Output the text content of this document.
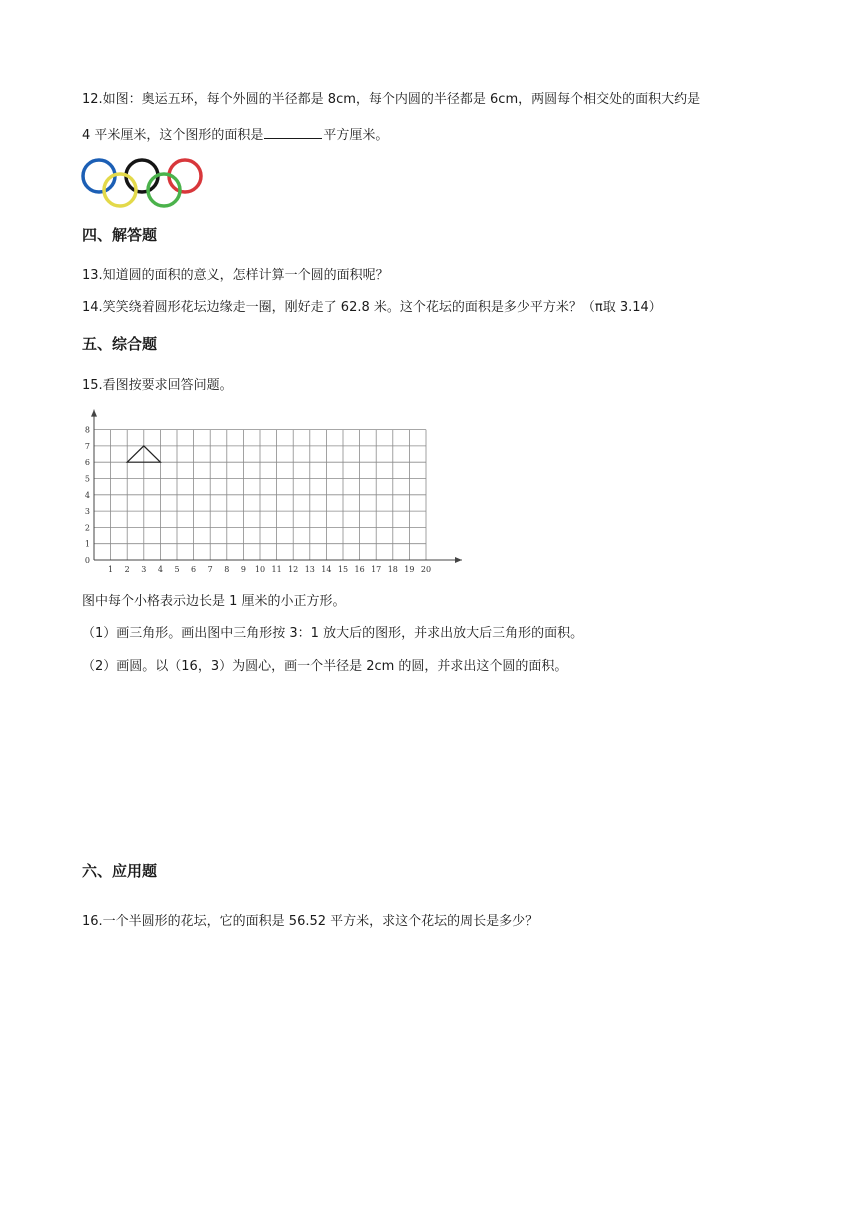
12.如图：奥运五环，每个外圆的半径都是 8cm，每个内圆的半径都是 6cm，两圆每个相交处的面积大约是
4 平米厘米，这个图形的面积是	平方厘米。
四、解答题
13.知道圆的面积的意义，怎样计算一个圆的面积呢？
14.笑笑绕着圆形花坛边缘走一圈，刚好走了 62.8 米。这个花坛的面积是多少平方米？（π取 3.14）
五、综合题
15.看图按要求回答问题。
1 2 3 4 5 6 7 8 9 10 11 12 13 14 15 16 17 18 19 20
0
1
2
3
4
5
6
7
8
图中每个小格表示边长是 1 厘米的小正方形。
（1）画三角形。画出图中三角形按 3：1 放大后的图形，并求出放大后三角形的面积。
（2）画圆。以（16，3）为圆心，画一个半径是 2cm 的圆，并求出这个圆的面积。
六、应用题
16.一个半圆形的花坛，它的面积是 56.52 平方米，求这个花坛的周长是多少？
